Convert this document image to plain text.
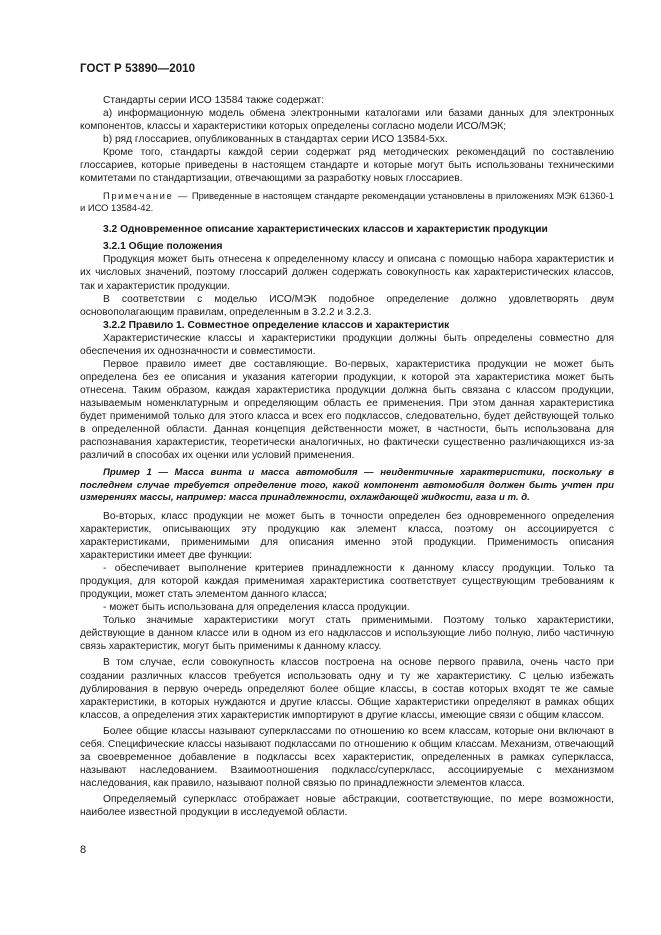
ГОСТ Р 53890—2010

Стандарты серии ИСО 13584 также содержат:

а) информационную модель обмена электронными каталогами или базами данных для электронных компонентов, классы и характеристики которых определены согласно модели ИСО/МЭК;

b) ряд глоссариев, опубликованных в стандартах серии ИСО 13584-5хх.

Кроме того, стандарты каждой серии содержат ряд методических рекомендаций по составлению глоссариев, которые приведены в настоящем стандарте и которые могут быть использованы техническими комитетами по стандартизации, отвечающими за разработку новых глоссариев.

Примечание — Приведенные в настоящем стандарте рекомендации установлены в приложениях МЭК 61360-1 и ИСО 13584-42.

3.2 Одновременное описание характеристических классов и характеристик продукции

3.2.1 Общие положения

Продукция может быть отнесена к определенному классу и описана с помощью набора характеристик и их числовых значений, поэтому глоссарий должен содержать совокупность как характеристических классов, так и характеристик продукции.

В соответствии с моделью ИСО/МЭК подобное определение должно удовлетворять двум основополагающим правилам, определенным в 3.2.2 и 3.2.3.

3.2.2 Правило 1. Совместное определение классов и характеристик

Характеристические классы и характеристики продукции должны быть определены совместно для обеспечения их однозначности и совместимости.

Первое правило имеет две составляющие. Во-первых, характеристика продукции не может быть определена без ее описания и указания категории продукции, к которой эта характеристика может быть отнесена. Таким образом, каждая характеристика продукции должна быть связана с классом продукции, называемым номенклатурным и определяющим область ее применения. При этом данная характеристика будет применимой только для этого класса и всех его подклассов, следовательно, будет действующей только в определенной области. Данная концепция действенности может, в частности, быть использована для распознавания характеристик, теоретически аналогичных, но фактически существенно различающихся из-за различий в способах их оценки или условий применения.

Пример 1 — Масса винта и масса автомобиля — неидентичные характеристики, поскольку в последнем случае требуется определение того, какой компонент автомобиля должен быть учтен при измерениях массы, например: масса принадлежности, охлаждающей жидкости, газа и т. д.

Во-вторых, класс продукции не может быть в точности определен без одновременного определения характеристик, описывающих эту продукцию как элемент класса, поэтому он ассоциируется с характеристиками, применимыми для описания именно этой продукции. Применимость описания характеристики имеет две функции:

- обеспечивает выполнение критериев принадлежности к данному классу продукции. Только та продукция, для которой каждая применимая характеристика соответствует существующим требованиям к продукции, может стать элементом данного класса;

- может быть использована для определения класса продукции.

Только значимые характеристики могут стать применимыми. Поэтому только характеристики, действующие в данном классе или в одном из его надклассов и использующие либо полную, либо частичную связь характеристик, могут быть применимы к данному классу.

В том случае, если совокупность классов построена на основе первого правила, очень часто при создании различных классов требуется использовать одну и ту же характеристику. С целью избежать дублирования в первую очередь определяют более общие классы, в состав которых входят те же самые характеристики, в которых нуждаются и другие классы. Общие характеристики определяют в рамках общих классов, а определения этих характеристик импортируют в другие классы, имеющие связи с общим классом.

Более общие классы называют суперклассами по отношению ко всем классам, которые они включают в себя. Специфические классы называют подклассами по отношению к общим классам. Механизм, отвечающий за своевременное добавление в подклассы всех характеристик, определенных в рамках суперкласса, называют наследованием. Взаимоотношения подкласс/суперкласс, ассоциируемые с механизмом наследования, как правило, называют полной связью по принадлежности элементов класса.

Определяемый суперкласс отображает новые абстракции, соответствующие, по мере возможности, наиболее известной продукции в исследуемой области.

8
